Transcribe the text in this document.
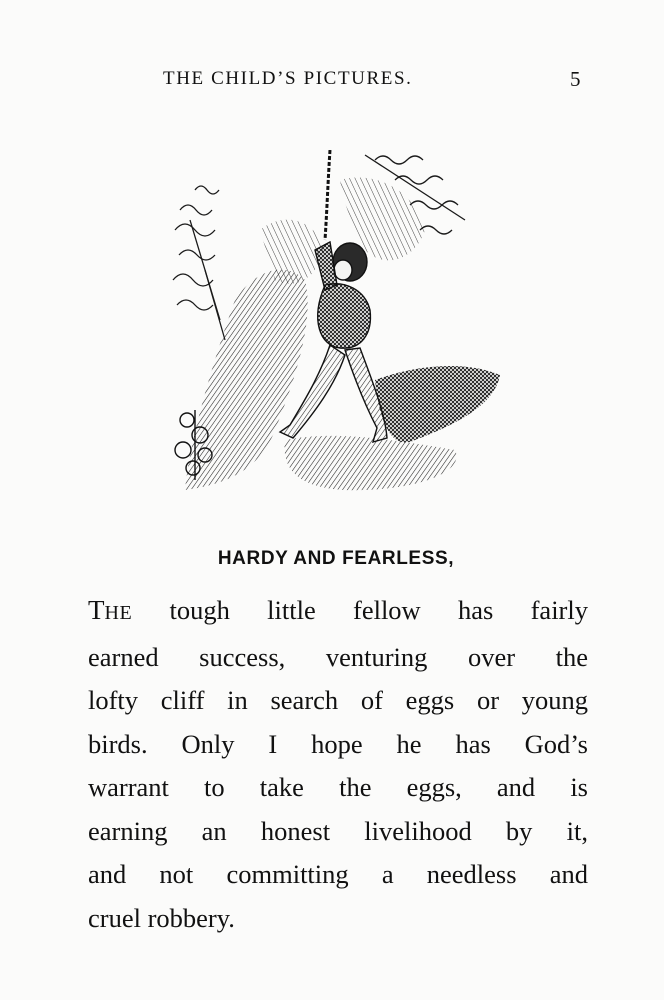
THE CHILD’S PICTURES.	5
HARDY AND FEARLESS,
THE tough little fellow has fairly
earned success, venturing over the
lofty cliff in search of eggs or young
birds. Only I hope he has God’s
warrant to take the eggs, and is
earning an honest livelihood by it,
and not committing a needless and
cruel robbery.
